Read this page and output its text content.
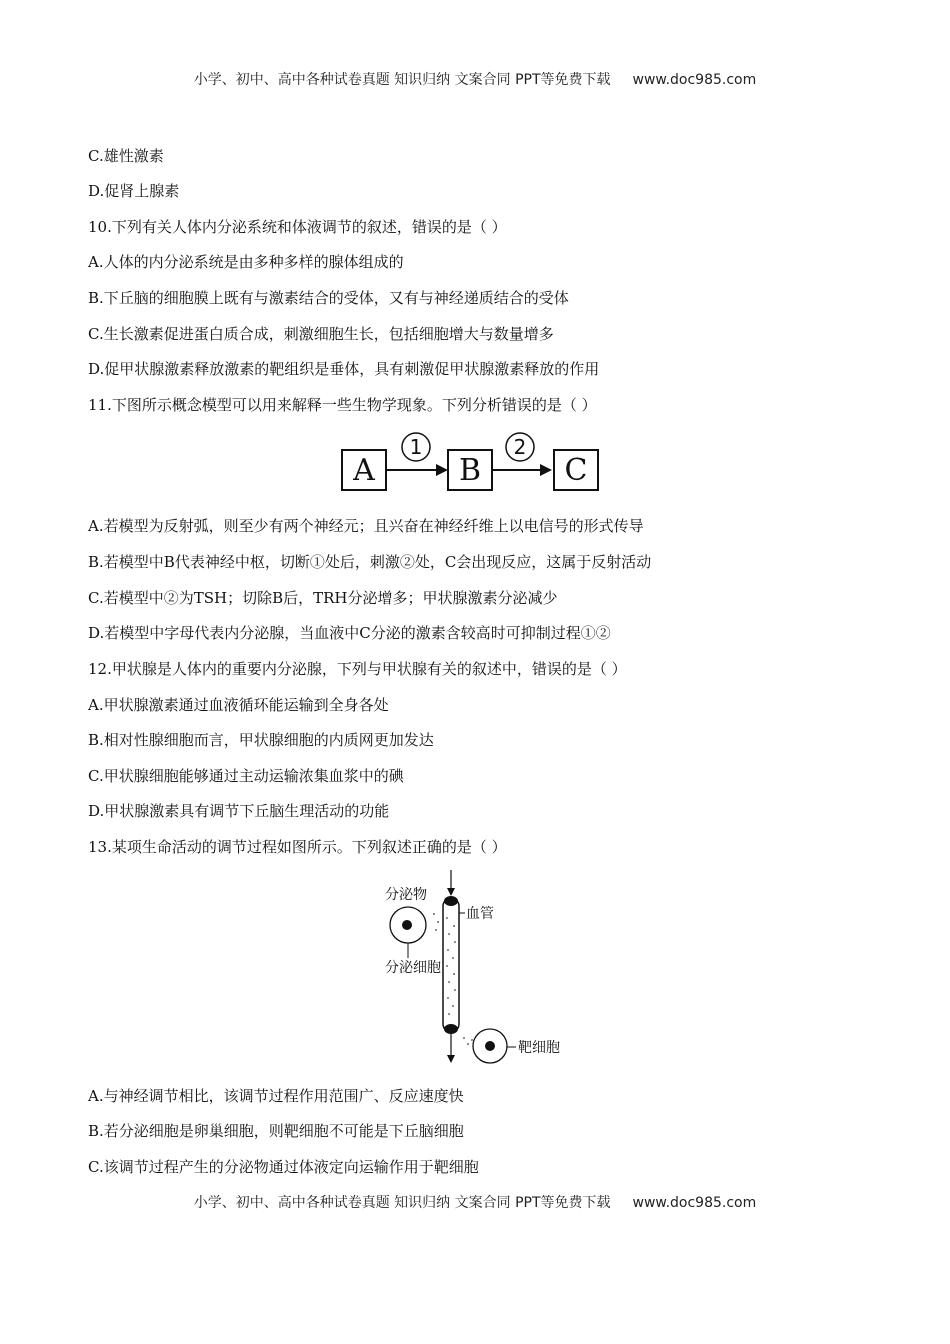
小学、初中、高中各种试卷真题 知识归纳 文案合同 PPT等免费下载 www.doc985.com
C.雄性激素
D.促肾上腺素
10.下列有关人体内分泌系统和体液调节的叙述，错误的是（ ）
A.人体的内分泌系统是由多种多样的腺体组成的
B.下丘脑的细胞膜上既有与激素结合的受体，又有与神经递质结合的受体
C.生长激素促进蛋白质合成，刺激细胞生长，包括细胞增大与数量增多
D.促甲状腺激素释放激素的靶组织是垂体，具有刺激促甲状腺激素释放的作用
11.下图所示概念模型可以用来解释一些生物学现象。下列分析错误的是（ ）
A
1
B
2
C
A.若模型为反射弧，则至少有两个神经元；且兴奋在神经纤维上以电信号的形式传导
B.若模型中B代表神经中枢，切断①处后，刺激②处，C会出现反应，这属于反射活动
C.若模型中②为TSH；切除B后，TRH分泌增多；甲状腺激素分泌减少
D.若模型中字母代表内分泌腺，当血液中C分泌的激素含较高时可抑制过程①②
12.甲状腺是人体内的重要内分泌腺，下列与甲状腺有关的叙述中，错误的是（ ）
A.甲状腺激素通过血液循环能运输到全身各处
B.相对性腺细胞而言，甲状腺细胞的内质网更加发达
C.甲状腺细胞能够通过主动运输浓集血浆中的碘
D.甲状腺激素具有调节下丘脑生理活动的功能
13.某项生命活动的调节过程如图所示。下列叙述正确的是（ ）
分泌物
血管
分泌细胞
靶细胞
A.与神经调节相比，该调节过程作用范围广、反应速度快
B.若分泌细胞是卵巢细胞，则靶细胞不可能是下丘脑细胞
C.该调节过程产生的分泌物通过体液定向运输作用于靶细胞
小学、初中、高中各种试卷真题 知识归纳 文案合同 PPT等免费下载 www.doc985.com
